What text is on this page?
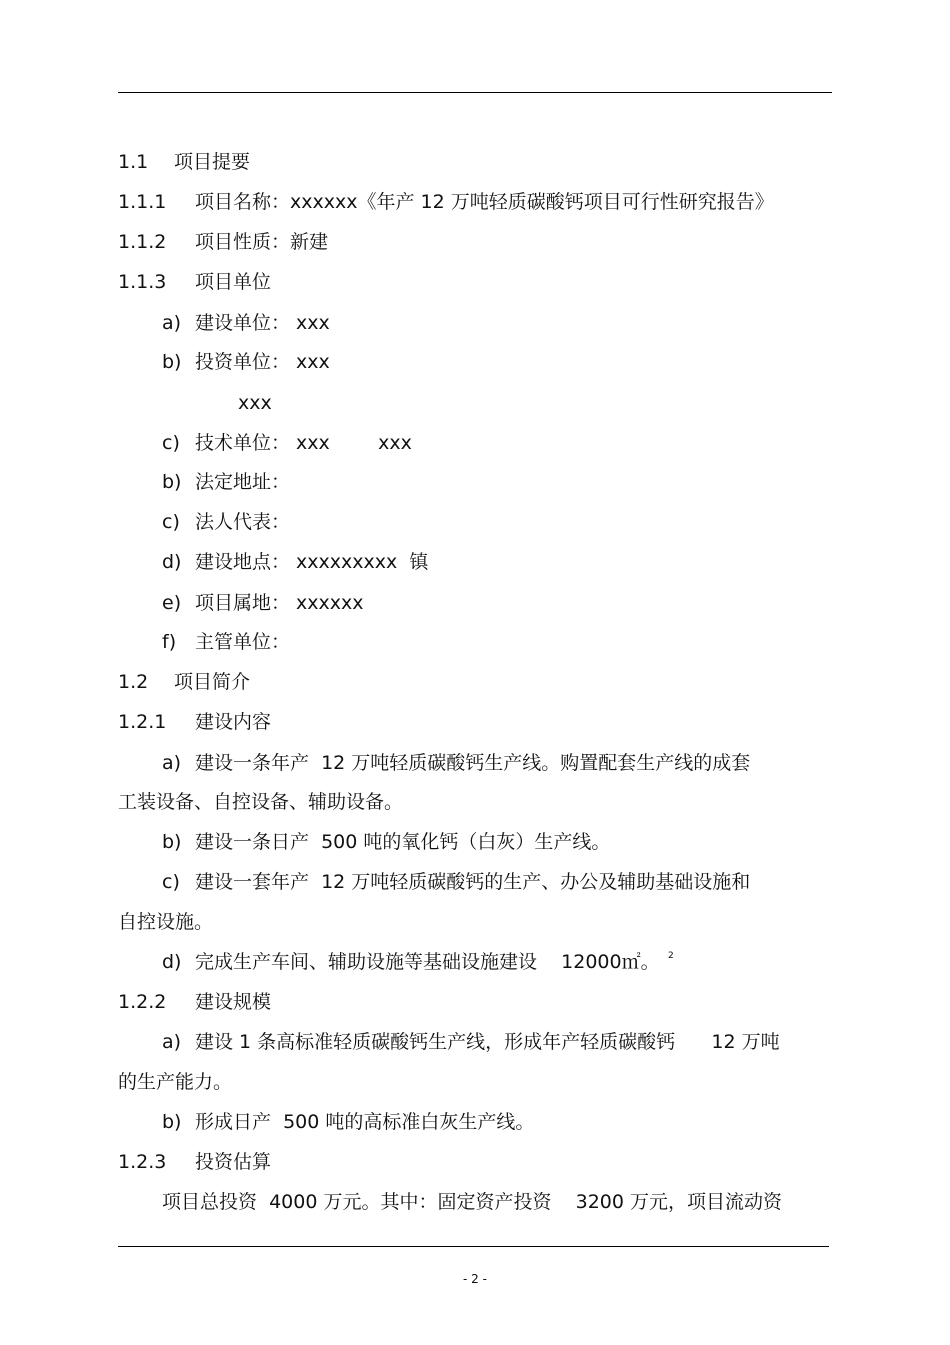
1.1 项目提要
1.1.1 项目名称：xxxxxx《年产 12 万吨轻质碳酸钙项目可行性研究报告》
1.1.2 项目性质：新建
1.1.3 项目单位
a) 建设单位： xxx
b) 投资单位： xxx
xxx
c) 技术单位： xxx        xxx
b) 法定地址：
c) 法人代表：
d) 建设地点： xxxxxxxxx  镇
e) 项目属地： xxxxxx
f) 主管单位：
1.2 项目简介
1.2.1 建设内容
a) 建设一条年产  12 万吨轻质碳酸钙生产线。购置配套生产线的成套
工装设备、自控设备、辅助设备。
b) 建设一条日产  500 吨的氧化钙（白灰）生产线。
c) 建设一套年产  12 万吨轻质碳酸钙的生产、办公及辅助基础设施和
自控设施。
d) 完成生产车间、辅助设施等基础设施建设    12000㎡。 2
1.2.2 建设规模
a) 建设 1 条高标准轻质碳酸钙生产线，形成年产轻质碳酸钙      12 万吨
的生产能力。
b) 形成日产  500 吨的高标准白灰生产线。
1.2.3 投资估算
项目总投资  4000 万元。其中：固定资产投资    3200 万元，项目流动资
- 2 -
